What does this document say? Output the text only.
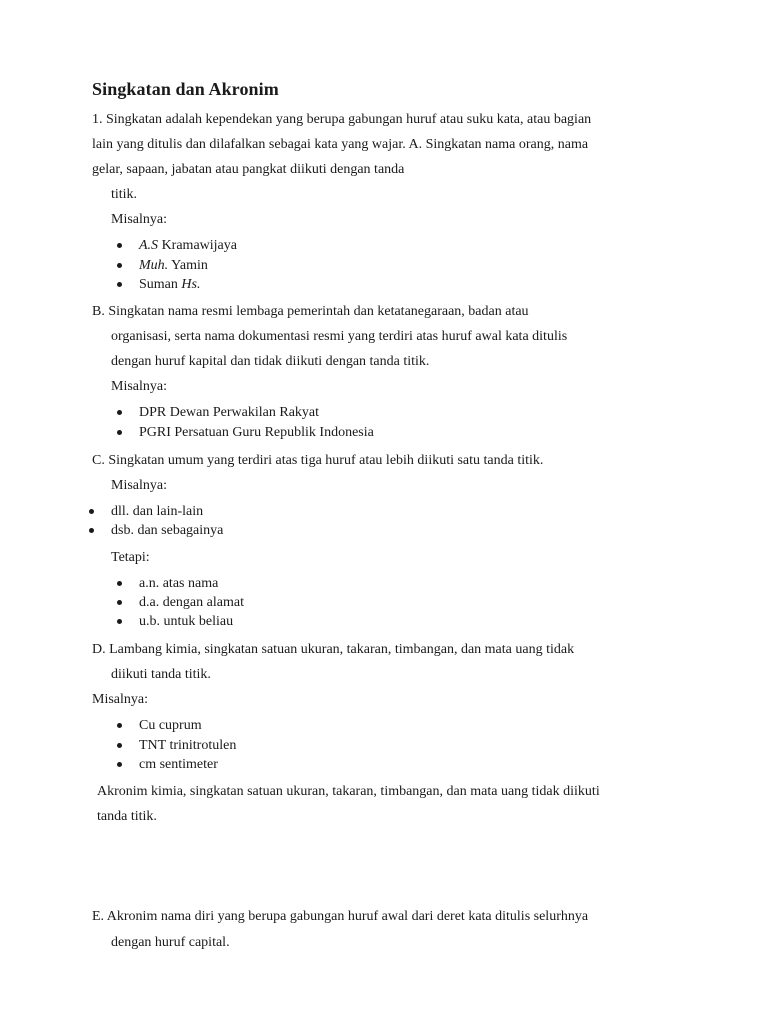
Singkatan dan Akronim
1. Singkatan adalah kependekan yang berupa gabungan huruf atau suku kata, atau bagian
lain yang ditulis dan dilafalkan sebagai kata yang wajar. A. Singkatan nama orang, nama
gelar, sapaan, jabatan atau pangkat diikuti dengan tanda
titik.
Misalnya:
A.S Kramawijaya
Muh. Yamin
Suman Hs.
B. Singkatan nama resmi lembaga pemerintah dan ketatanegaraan, badan atau
organisasi, serta nama dokumentasi resmi yang terdiri atas huruf awal kata ditulis
dengan huruf kapital dan tidak diikuti dengan tanda titik.
Misalnya:
DPR Dewan Perwakilan Rakyat
PGRI Persatuan Guru Republik Indonesia
C. Singkatan umum yang terdiri atas tiga huruf atau lebih diikuti satu tanda titik.
Misalnya:
dll. dan lain-lain
dsb. dan sebagainya
Tetapi:
a.n. atas nama
d.a. dengan alamat
u.b. untuk beliau
D. Lambang kimia, singkatan satuan ukuran, takaran, timbangan, dan mata uang tidak
diikuti tanda titik.
Misalnya:
Cu cuprum
TNT trinitrotulen
cm sentimeter
Akronim kimia, singkatan satuan ukuran, takaran, timbangan, dan mata uang tidak diikuti
tanda titik.
E. Akronim nama diri yang berupa gabungan huruf awal dari deret kata ditulis selurhnya
dengan huruf capital.
